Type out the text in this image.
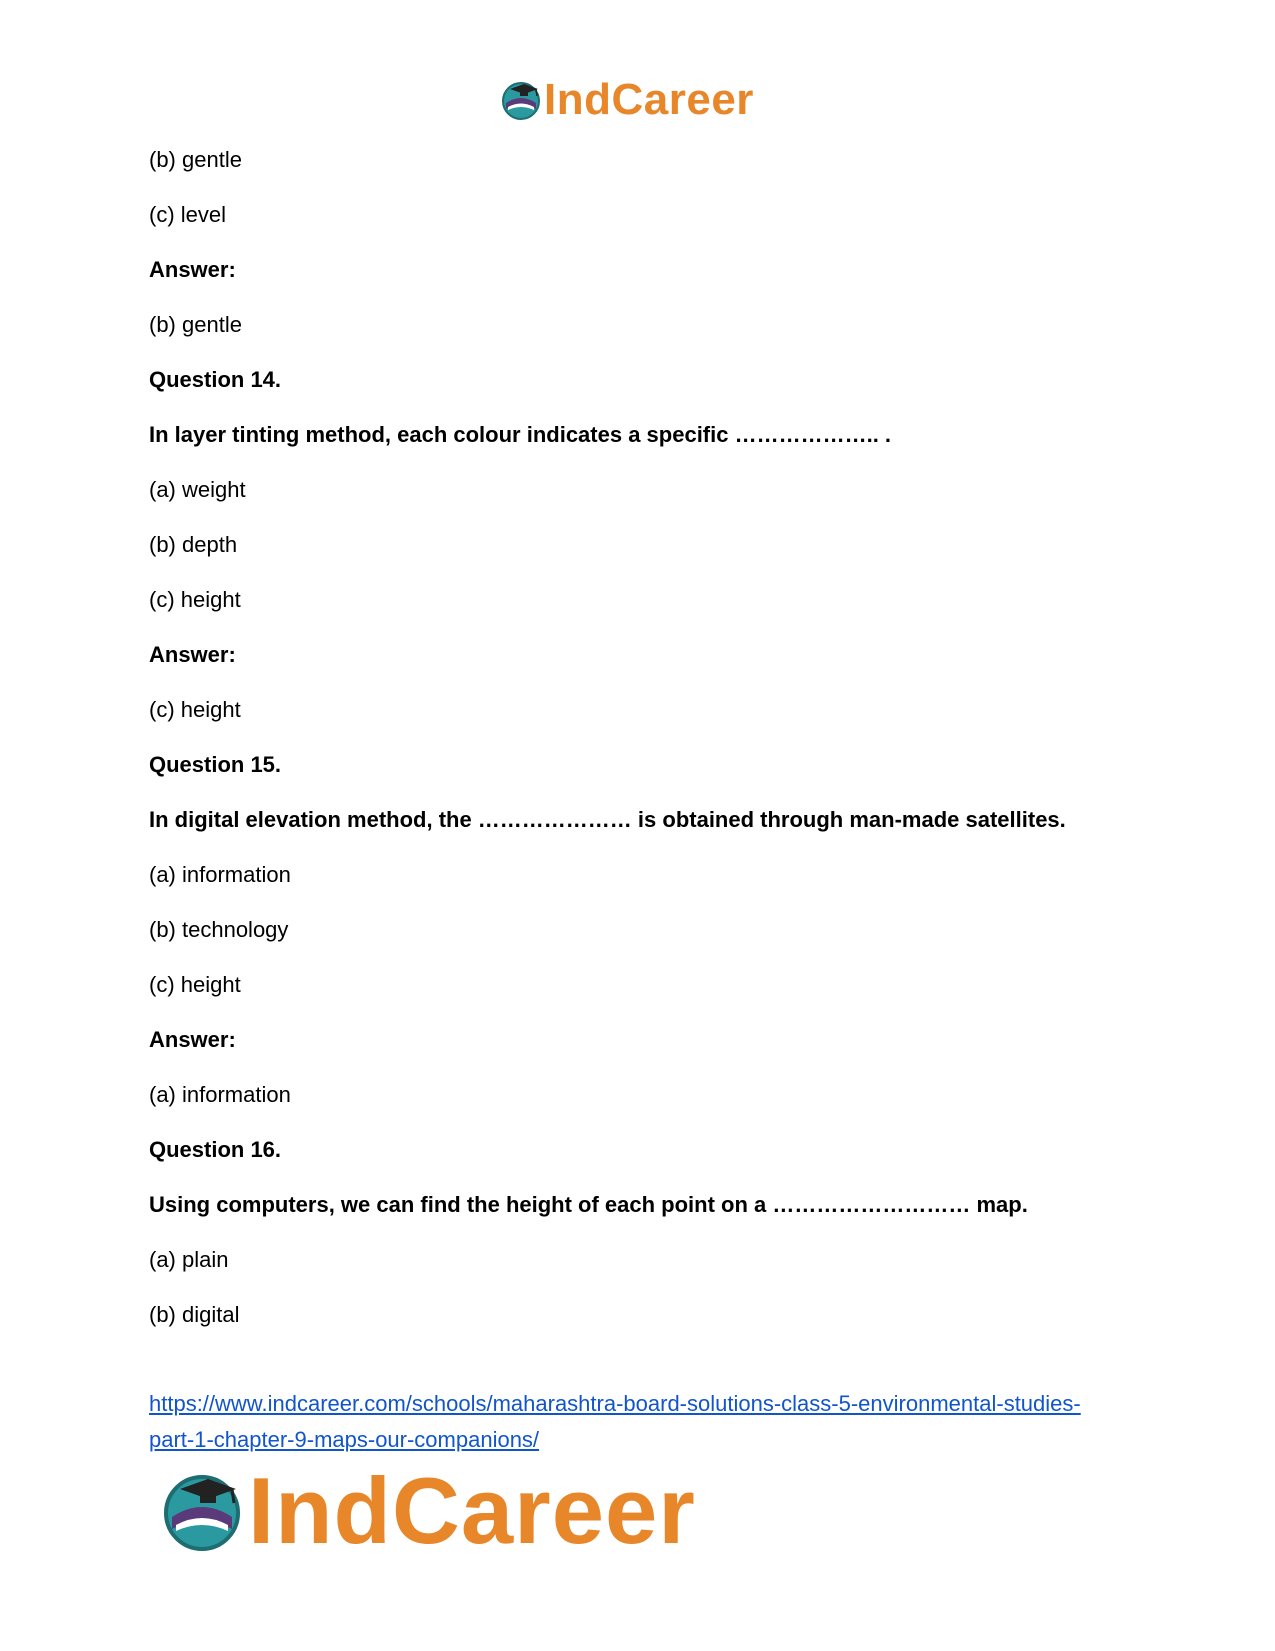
IndCareer

(b) gentle

(c) level

Answer:

(b) gentle

Question 14.

In layer tinting method, each colour indicates a specific ……………….. .

(a) weight

(b) depth

(c) height

Answer:

(c) height

Question 15.

In digital elevation method, the ………………… is obtained through man-made satellites.

(a) information

(b) technology

(c) height

Answer:

(a) information

Question 16.

Using computers, we can find the height of each point on a ……………………… map.

(a) plain

(b) digital

https://www.indcareer.com/schools/maharashtra-board-solutions-class-5-environmental-studies-
part-1-chapter-9-maps-our-companions/
IndCareer
